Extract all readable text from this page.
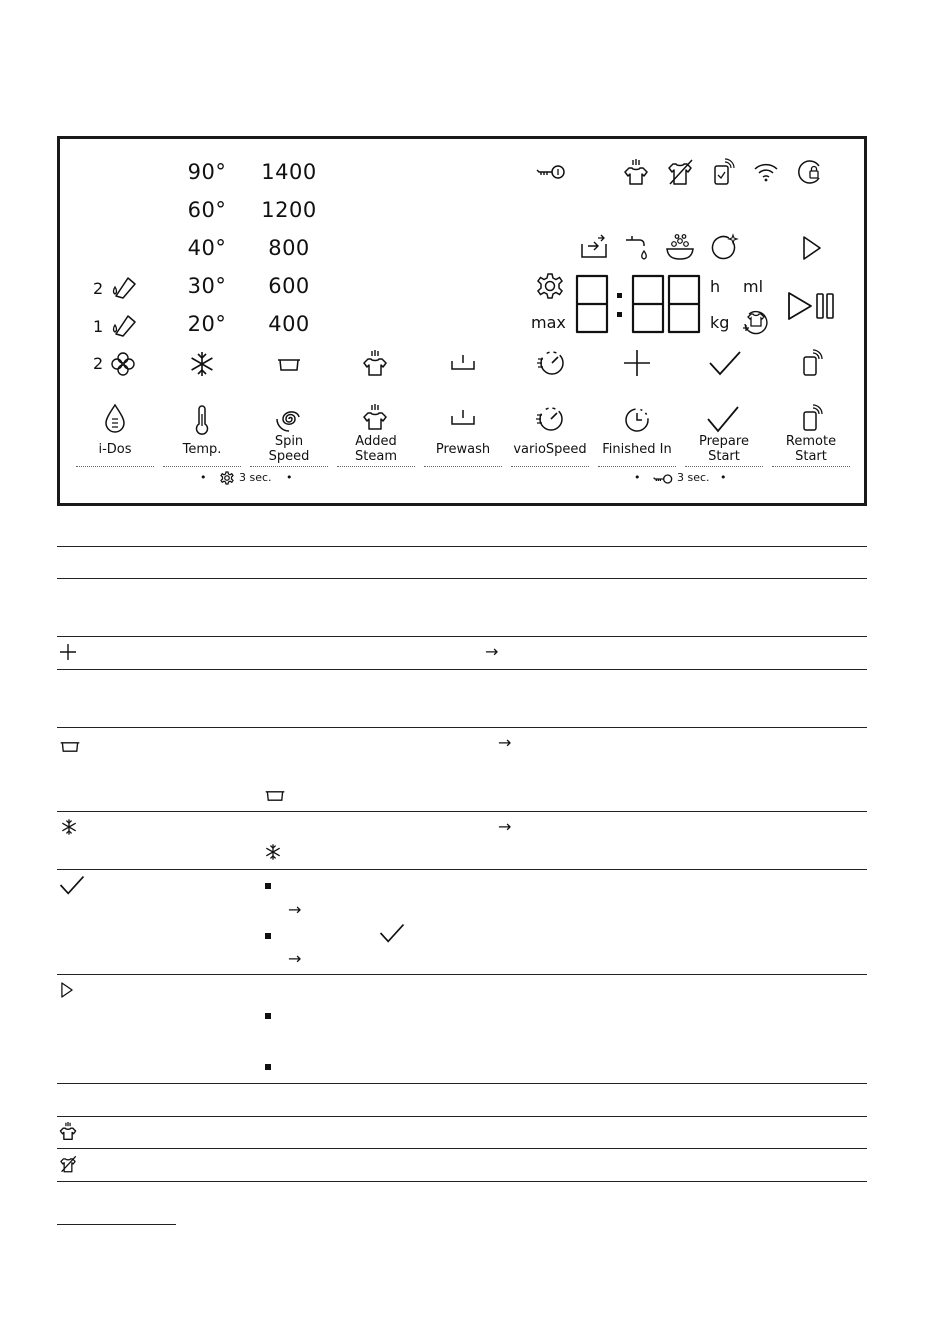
90°
60°
40°
30°
20°
1400
1200
800
600
400
2
1
2
max
h ml
kg
i-Dos	Temp.
Spin
Speed
Added
Steam	Prewash	varioSpeed	Finished In
Prepare
Start
Remote
Start
•	3 sec. •	•	3 sec. •
→
→
→
→
→
